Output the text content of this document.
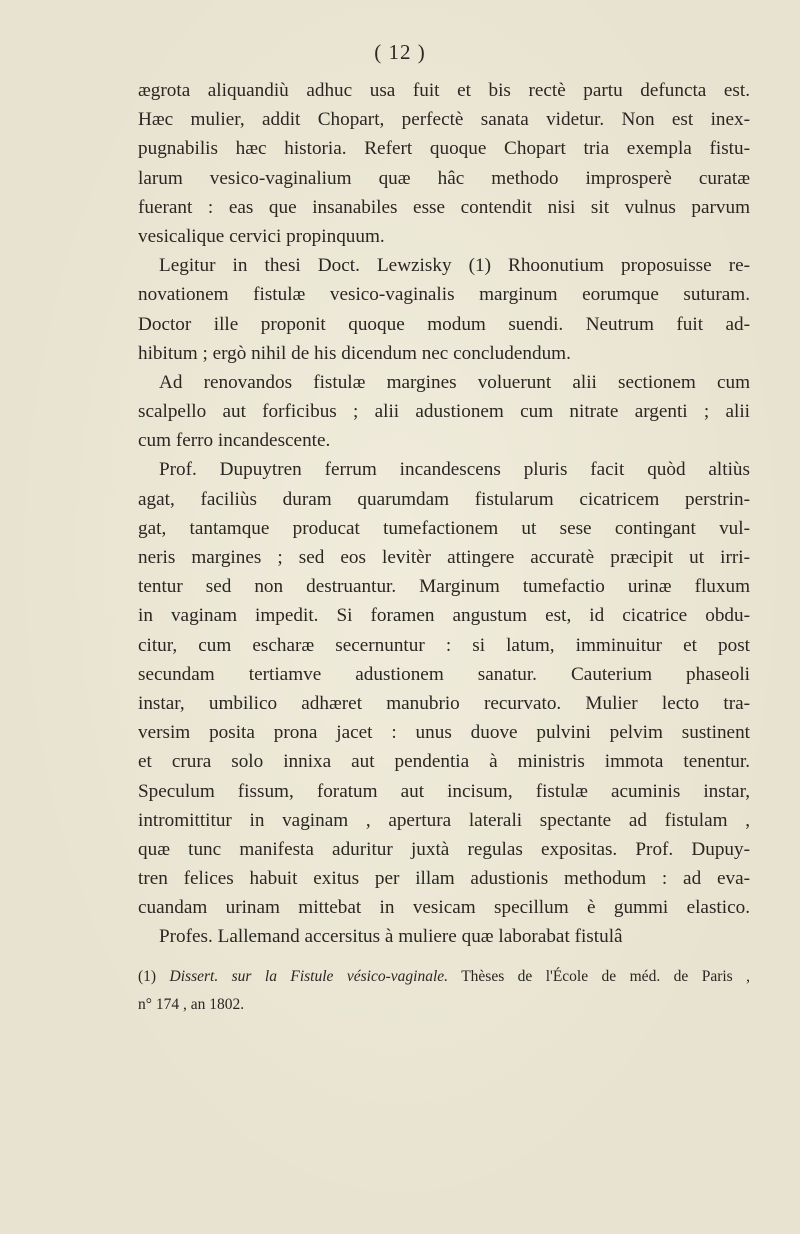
( 12 )
ægrota aliquandiù adhuc usa fuit et bis rectè partu defuncta est.
Hæc mulier, addit Chopart, perfectè sanata videtur. Non est inex-
pugnabilis hæc historia. Refert quoque Chopart tria exempla fistu-
larum vesico-vaginalium quæ hâc methodo improsperè curatæ
fuerant : eas que insanabiles esse contendit nisi sit vulnus parvum
vesicalique cervici propinquum.
Legitur in thesi Doct. Lewzisky (1) Rhoonutium proposuisse re-
novationem fistulæ vesico-vaginalis marginum eorumque suturam.
Doctor ille proponit quoque modum suendi. Neutrum fuit ad-
hibitum ; ergò nihil de his dicendum nec concludendum.
Ad renovandos fistulæ margines voluerunt alii sectionem cum
scalpello aut forficibus ; alii adustionem cum nitrate argenti ; alii
cum ferro incandescente.
Prof. Dupuytren ferrum incandescens pluris facit quòd altiùs
agat, faciliùs duram quarumdam fistularum cicatricem perstrin-
gat, tantamque producat tumefactionem ut sese contingant vul-
neris margines ; sed eos levitèr attingere accuratè præcipit ut irri-
tentur sed non destruantur. Marginum tumefactio urinæ fluxum
in vaginam impedit. Si foramen angustum est, id cicatrice obdu-
citur, cum escharæ secernuntur : si latum, imminuitur et post
secundam tertiamve adustionem sanatur. Cauterium phaseoli
instar, umbilico adhæret manubrio recurvato. Mulier lecto tra-
versim posita prona jacet : unus duove pulvini pelvim sustinent
et crura solo innixa aut pendentia à ministris immota tenentur.
Speculum fissum, foratum aut incisum, fistulæ acuminis instar,
intromittitur in vaginam , apertura laterali spectante ad fistulam ,
quæ tunc manifesta aduritur juxtà regulas expositas. Prof. Dupuy-
tren felices habuit exitus per illam adustionis methodum : ad eva-
cuandam urinam mittebat in vesicam specillum è gummi elastico.
Profes. Lallemand accersitus à muliere quæ laborabat fistulâ
(1) Dissert. sur la Fistule vésico-vaginale. Thèses de l'École de méd. de Paris ,
n° 174 , an 1802.
